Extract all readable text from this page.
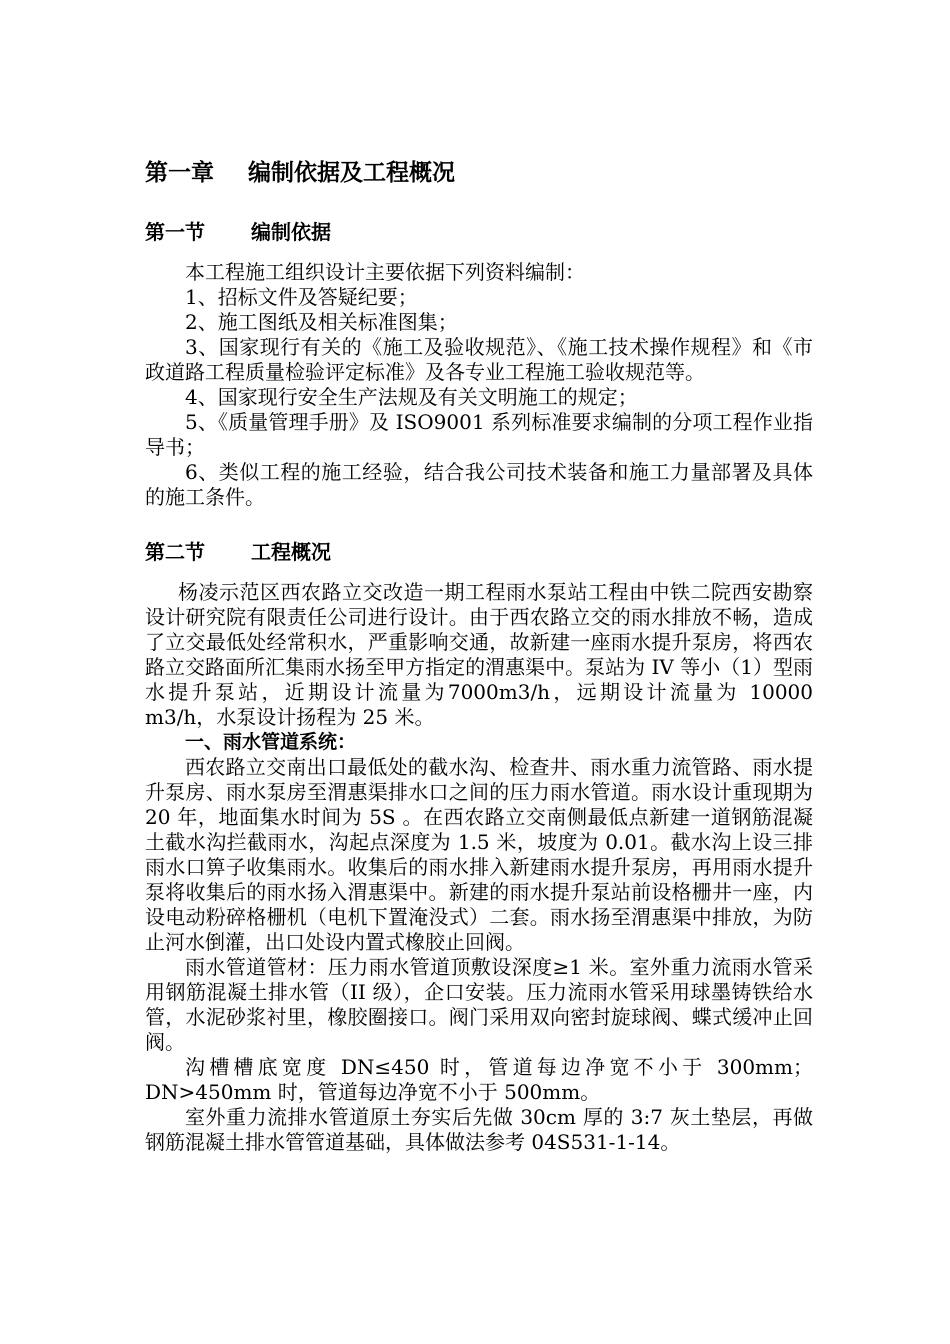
第一章 编制依据及工程概况
第一节 编制依据

本工程施工组织设计主要依据下列资料编制：

1、招标文件及答疑纪要；

2、施工图纸及相关标准图集；

3、国家现行有关的《施工及验收规范》、《施工技术操作规程》和《市政道路工程质量检验评定标准》及各专业工程施工验收规范等。

4、国家现行安全生产法规及有关文明施工的规定；

5、《质量管理手册》及 ISO9001 系列标准要求编制的分项工程作业指导书；

6、类似工程的施工经验，结合我公司技术装备和施工力量部署及具体的施工条件。

第二节 工程概况

杨凌示范区西农路立交改造一期工程雨水泵站工程由中铁二院西安勘察设计研究院有限责任公司进行设计。由于西农路立交的雨水排放不畅，造成了立交最低处经常积水，严重影响交通，故新建一座雨水提升泵房，将西农路立交路面所汇集雨水扬至甲方指定的渭惠渠中。泵站为 IV 等小（1）型雨水提升泵站，近期设计流量为7000m3/h，远期设计流量为 10000 m3/h，水泵设计扬程为 25 米。

一、雨水管道系统：

西农路立交南出口最低处的截水沟、检查井、雨水重力流管路、雨水提升泵房、雨水泵房至渭惠渠排水口之间的压力雨水管道。雨水设计重现期为 20 年，地面集水时间为 5S 。在西农路立交南侧最低点新建一道钢筋混凝土截水沟拦截雨水，沟起点深度为 1.5 米，坡度为 0.01。截水沟上设三排雨水口箅子收集雨水。收集后的雨水排入新建雨水提升泵房，再用雨水提升泵将收集后的雨水扬入渭惠渠中。新建的雨水提升泵站前设格栅井一座，内设电动粉碎格栅机（电机下置淹没式）二套。雨水扬至渭惠渠中排放，为防止河水倒灌，出口处设内置式橡胶止回阀。

雨水管道管材：压力雨水管道顶敷设深度≥1 米。室外重力流雨水管采用钢筋混凝土排水管（II 级），企口安装。压力流雨水管采用球墨铸铁给水管，水泥砂浆衬里，橡胶圈接口。阀门采用双向密封旋球阀、蝶式缓冲止回阀。

沟槽槽底宽度 DN≤450 时，管道每边净宽不小于 300mm；DN>450mm 时，管道每边净宽不小于 500mm。

室外重力流排水管道原土夯实后先做 30cm 厚的 3:7 灰土垫层，再做钢筋混凝土排水管管道基础，具体做法参考 04S531-1-14。
